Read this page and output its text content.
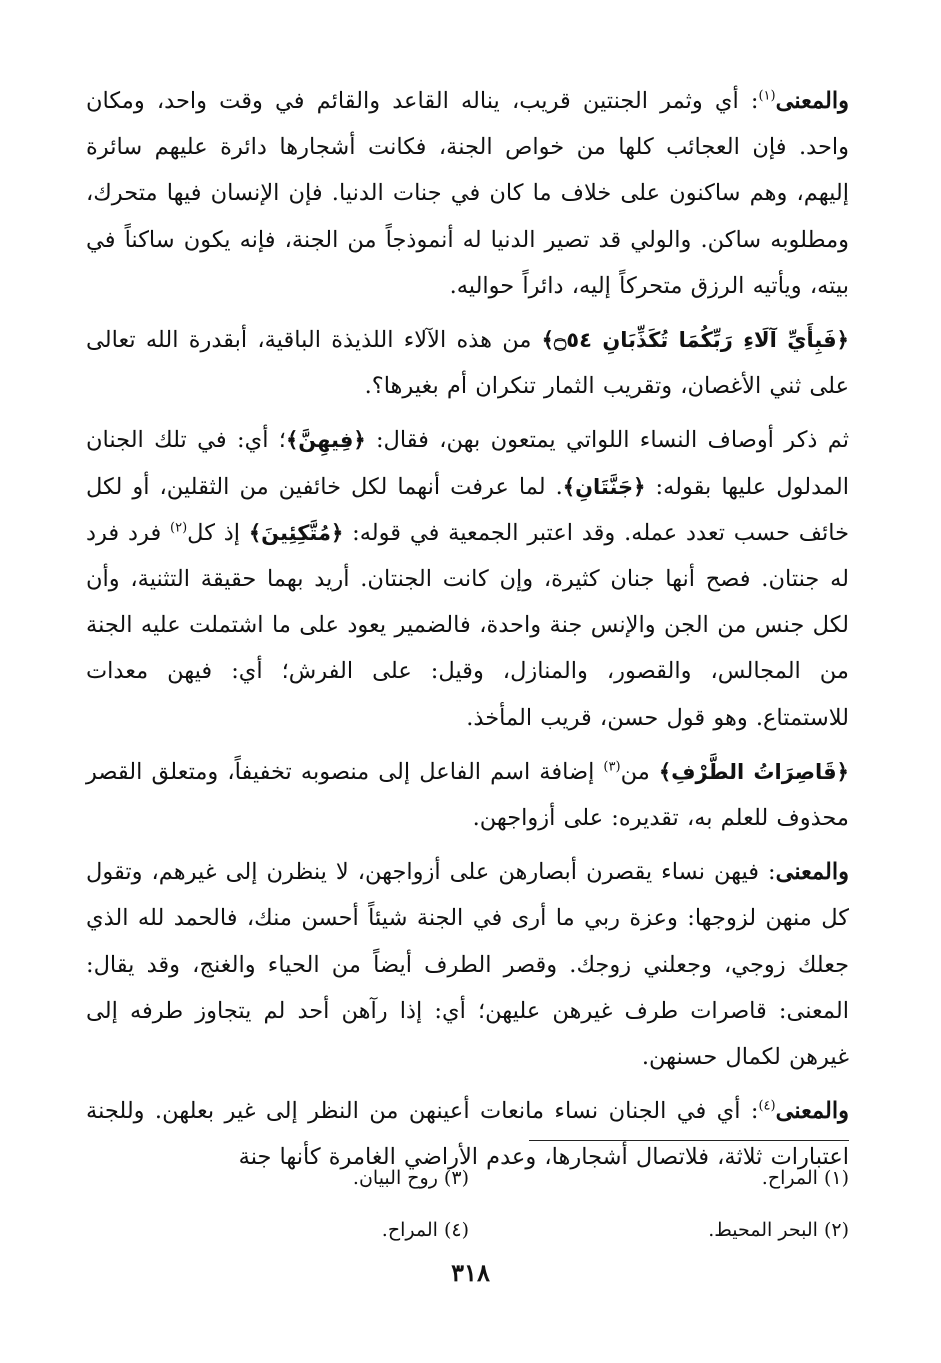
والمعنى$^{(١)}$: أي وثمر الجنتين قريب، يناله القاعد والقائم في وقت واحد، ومكان واحد. فإن العجائب كلها من خواص الجنة، فكانت أشجارها دائرة عليهم سائرة إليهم، وهم ساكنون على خلاف ما كان في جنات الدنيا. فإن الإنسان فيها متحرك، ومطلوبه ساكن. والولي قد تصير الدنيا له أنموذجاً من الجنة، فإنه يكون ساكناً في بيته، ويأتيه الرزق متحركاً إليه، دائراً حواليه.

﴿فَبِأَيِّ آلَاءِ رَبِّكُمَا تُكَذِّبَانِ ۝٥٤﴾ من هذه الآلاء اللذيذة الباقية، أبقدرة الله تعالى على ثني الأغصان، وتقريب الثمار تنكران أم بغيرها؟.

ثم ذكر أوصاف النساء اللواتي يمتعون بهن، فقال: ﴿فِيهِنَّ﴾؛ أي: في تلك الجنان المدلول عليها بقوله: ﴿جَنَّتَانِ﴾. لما عرفت أنهما لكل خائفين من الثقلين، أو لكل خائف حسب تعدد عمله. وقد اعتبر الجمعية في قوله: ﴿مُتَّكِئِينَ﴾ إذ كل$^{(٢)}$ فرد فرد له جنتان. فصح أنها جنان كثيرة، وإن كانت الجنتان. أريد بهما حقيقة التثنية، وأن لكل جنس من الجن والإنس جنة واحدة، فالضمير يعود على ما اشتملت عليه الجنة من المجالس، والقصور، والمنازل، وقيل: على الفرش؛ أي: فيهن معدات للاستمتاع. وهو قول حسن، قريب المأخذ.

﴿قَاصِرَاتُ الطَّرْفِ﴾ من$^{(٣)}$ إضافة اسم الفاعل إلى منصوبه تخفيفاً، ومتعلق القصر محذوف للعلم به، تقديره: على أزواجهن.

والمعنى: فيهن نساء يقصرن أبصارهن على أزواجهن، لا ينظرن إلى غيرهم، وتقول كل منهن لزوجها: وعزة ربي ما أرى في الجنة شيئاً أحسن منك، فالحمد لله الذي جعلك زوجي، وجعلني زوجك. وقصر الطرف أيضاً من الحياء والغنج، وقد يقال: المعنى: قاصرات طرف غيرهن عليهن؛ أي: إذا رآهن أحد لم يتجاوز طرفه إلى غيرهن لكمال حسنهن.

والمعنى$^{(٤)}$: أي في الجنان نساء مانعات أعينهن من النظر إلى غير بعلهن. وللجنة اعتبارات ثلاثة، فلاتصال أشجارها، وعدم الأراضي الغامرة كأنها جنة

(١) المراح.
(٣) روح البيان.
(٢) البحر المحيط.
(٤) المراح.
٣١٨
